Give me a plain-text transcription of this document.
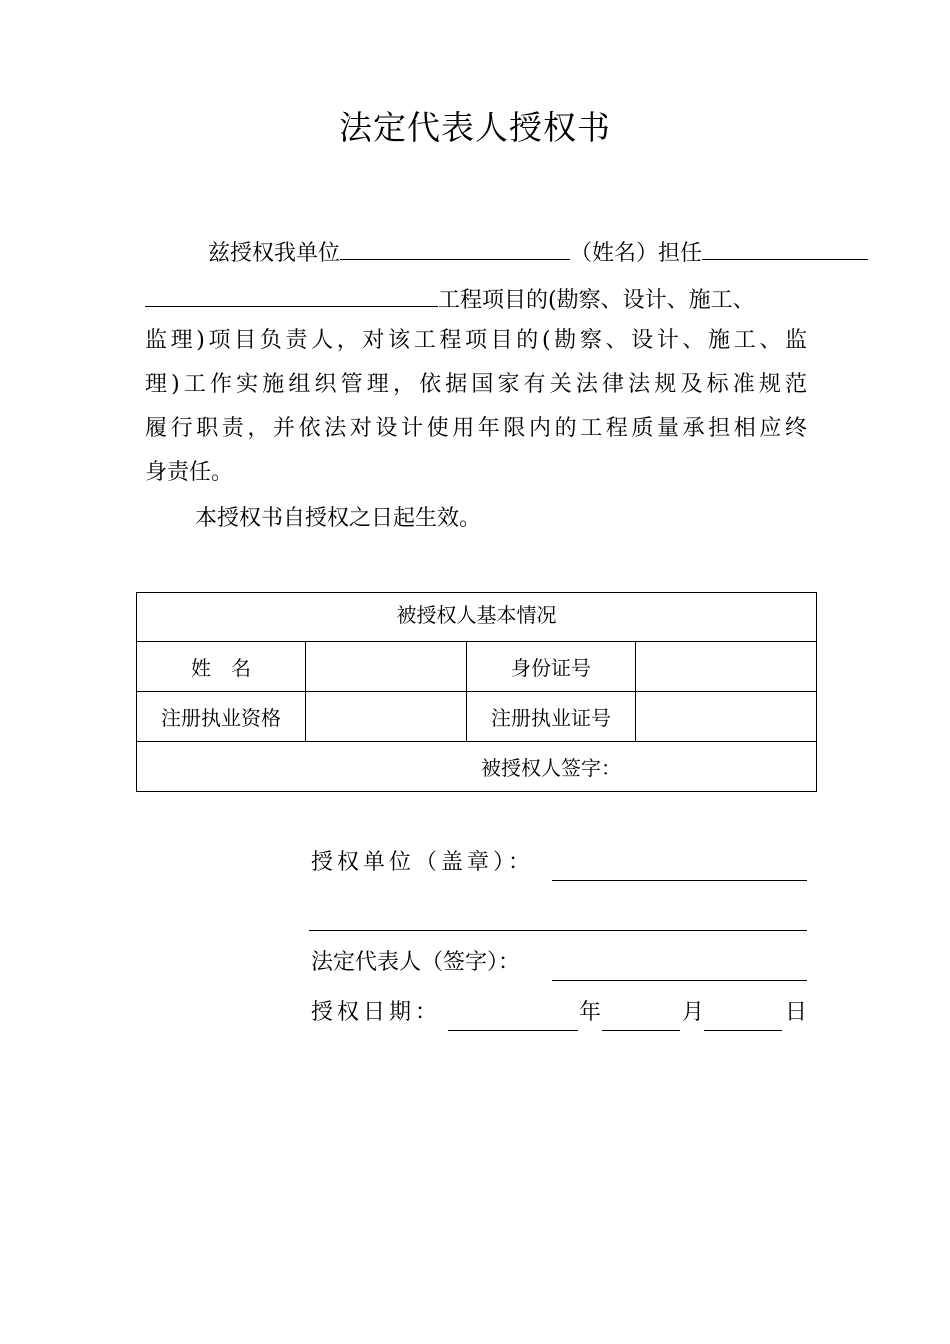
法定代表人授权书
兹授权我单位	（姓名）担任
工程项目的(勘察、设计、施工、
监理)项目负责人，对该工程项目的(勘察、设计、施工、监
理)工作实施组织管理，依据国家有关法律法规及标准规范
履行职责，并依法对设计使用年限内的工程质量承担相应终
身责任。
本授权书自授权之日起生效。
被授权人基本情况			
姓　名		身份证号	
注册执业资格		注册执业证号	
被授权人签字：			
授权单位（盖章）：
法定代表人（签字）：
授权日期：	年	月	日
